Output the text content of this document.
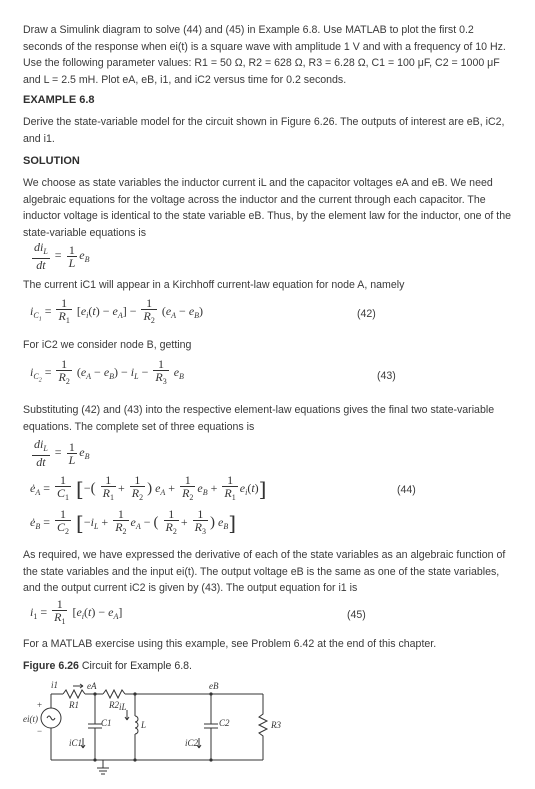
Draw a Simulink diagram to solve (44) and (45) in Example 6.8. Use MATLAB to plot the first 0.2 seconds of the response when ei(t) is a square wave with amplitude 1 V and with a frequency of 10 Hz. Use the following parameter values: R1 = 50 Ω, R2 = 628 Ω, R3 = 6.28 Ω, C1 = 100 μF, C2 = 1000 μF and L = 2.5 mH. Plot eA, eB, i1, and iC2 versus time for 0.2 seconds.

EXAMPLE 6.8

Derive the state-variable model for the circuit shown in Figure 6.26. The outputs of interest are eB, iC2, and i1.

SOLUTION

We choose as state variables the inductor current iL and the capacitor voltages eA and eB. We need algebraic equations for the voltage across the inductor and the current through each capacitor. The inductor voltage is identical to the state variable eB. Thus, by the element law for the inductor, one of the state-variable equations is

$\frac{di_L}{dt} = \frac{1}{L} e_B$

The current iC1 will appear in a Kirchhoff current-law equation for node A, namely

$i_{C_1} = \frac{1}{R_1} [e_i(t) - e_A] - \frac{1}{R_2} (e_A - e_B)$	(42)

For iC2 we consider node B, getting

$i_{C_2} = \frac{1}{R_2} (e_A - e_B) - i_L - \frac{1}{R_3} e_B$	(43)

Substituting (42) and (43) into the respective element-law equations gives the final two state-variable equations. The complete set of three equations is

$\frac{di_L}{dt} = \frac{1}{L} e_B$
$ė_A = \frac{1}{C_1}$ [−( $\frac{1}{R_1} + \frac{1}{R_2}$ ) $e_A + \frac{1}{R_2} e_B + \frac{1}{R_1} e_i(t)$]	(44)
$ė_B = \frac{1}{C_2} [-i_L + \frac{1}{R_2} e_A$ − ( $\frac{1}{R_2} + \frac{1}{R_3}$ ) $e_B$]

As required, we have expressed the derivative of each of the state variables as an algebraic function of the state variables and the input ei(t). The output voltage eB is the same as one of the state variables, and the output current iC2 is given by (43). The output equation for i1 is

$i_1 = \frac{1}{R_1} [e_i(t) - e_A]$	(45)

For a MATLAB exercise using this example, see Problem 6.42 at the end of this chapter.

Figure 6.26 Circuit for Example 6.8.

i1	eA	eB
ei(t)
+
−
R1	R2
C1
iL
L	C2	R3
iC1	iC2
